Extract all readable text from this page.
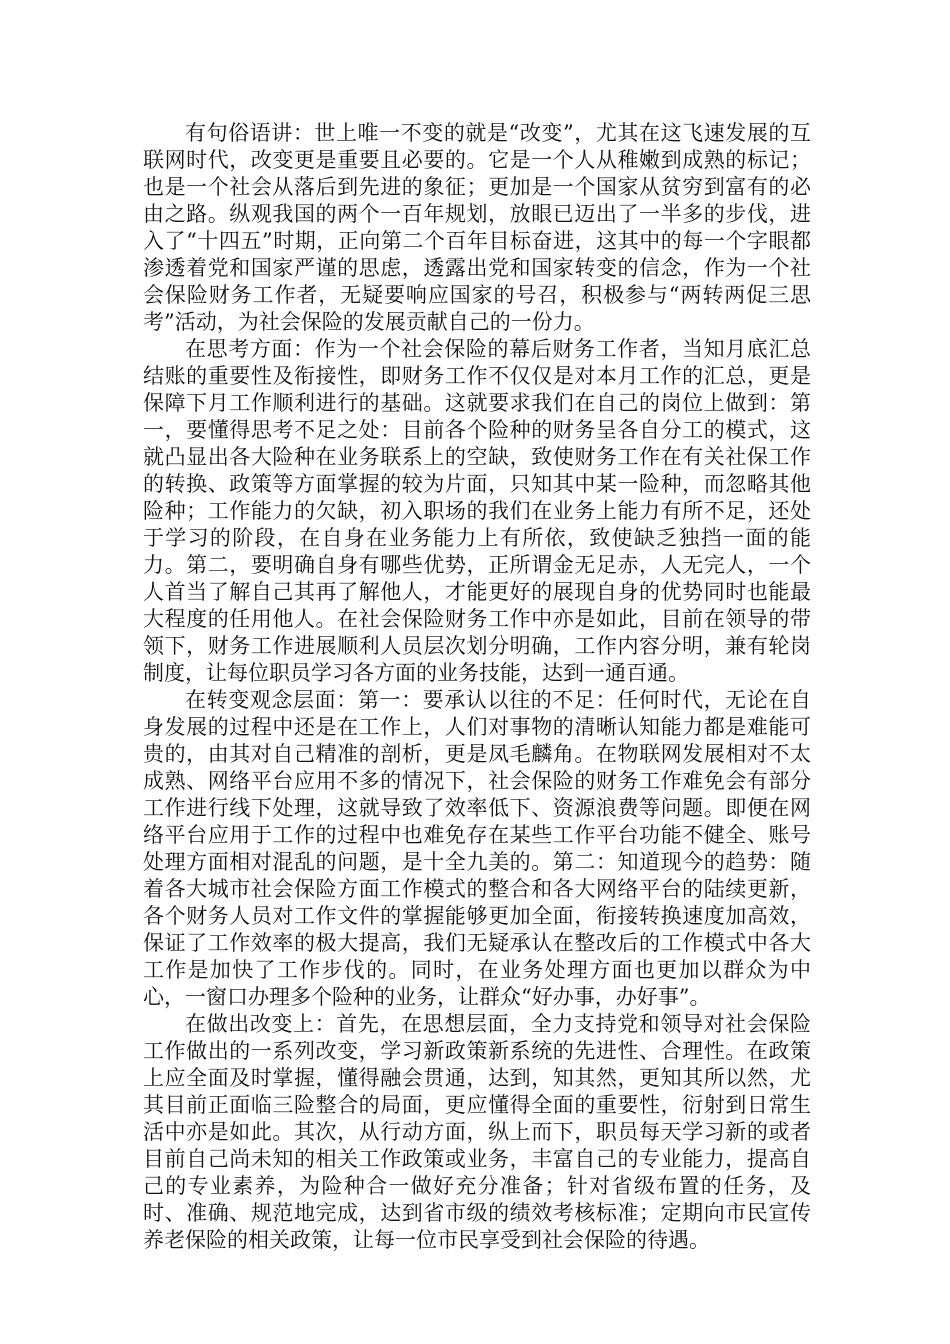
有句俗语讲：世上唯一不变的就是“改变”，尤其在这飞速发展的互联网时代，改变更是重要且必要的。它是一个人从稚嫩到成熟的标记；也是一个社会从落后到先进的象征；更加是一个国家从贫穷到富有的必由之路。纵观我国的两个一百年规划，放眼已迈出了一半多的步伐，进入了“十四五”时期，正向第二个百年目标奋进，这其中的每一个字眼都渗透着党和国家严谨的思虑，透露出党和国家转变的信念，作为一个社会保险财务工作者，无疑要响应国家的号召，积极参与“两转两促三思考”活动，为社会保险的发展贡献自己的一份力。

在思考方面：作为一个社会保险的幕后财务工作者，当知月底汇总结账的重要性及衔接性，即财务工作不仅仅是对本月工作的汇总，更是保障下月工作顺利进行的基础。这就要求我们在自己的岗位上做到：第一，要懂得思考不足之处：目前各个险种的财务呈各自分工的模式，这就凸显出各大险种在业务联系上的空缺，致使财务工作在有关社保工作的转换、政策等方面掌握的较为片面，只知其中某一险种，而忽略其他险种；工作能力的欠缺，初入职场的我们在业务上能力有所不足，还处于学习的阶段，在自身在业务能力上有所依，致使缺乏独挡一面的能力。第二，要明确自身有哪些优势，正所谓金无足赤，人无完人，一个人首当了解自己其再了解他人，才能更好的展现自身的优势同时也能最大程度的任用他人。在社会保险财务工作中亦是如此，目前在领导的带领下，财务工作进展顺利人员层次划分明确，工作内容分明，兼有轮岗制度，让每位职员学习各方面的业务技能，达到一通百通。

在转变观念层面：第一：要承认以往的不足：任何时代，无论在自身发展的过程中还是在工作上，人们对事物的清晰认知能力都是难能可贵的，由其对自己精准的剖析，更是凤毛麟角。在物联网发展相对不太成熟、网络平台应用不多的情况下，社会保险的财务工作难免会有部分工作进行线下处理，这就导致了效率低下、资源浪费等问题。即便在网络平台应用于工作的过程中也难免存在某些工作平台功能不健全、账号处理方面相对混乱的问题，是十全九美的。第二：知道现今的趋势：随着各大城市社会保险方面工作模式的整合和各大网络平台的陆续更新，各个财务人员对工作文件的掌握能够更加全面，衔接转换速度加高效，保证了工作效率的极大提高，我们无疑承认在整改后的工作模式中各大工作是加快了工作步伐的。同时，在业务处理方面也更加以群众为中心，一窗口办理多个险种的业务，让群众“好办事，办好事”。

在做出改变上：首先，在思想层面，全力支持党和领导对社会保险工作做出的一系列改变，学习新政策新系统的先进性、合理性。在政策上应全面及时掌握，懂得融会贯通，达到，知其然，更知其所以然，尤其目前正面临三险整合的局面，更应懂得全面的重要性，衍射到日常生活中亦是如此。其次，从行动方面，纵上而下，职员每天学习新的或者目前自己尚未知的相关工作政策或业务，丰富自己的专业能力，提高自己的专业素养，为险种合一做好充分准备；针对省级布置的任务，及时、准确、规范地完成，达到省市级的绩效考核标准；定期向市民宣传养老保险的相关政策，让每一位市民享受到社会保险的待遇。
